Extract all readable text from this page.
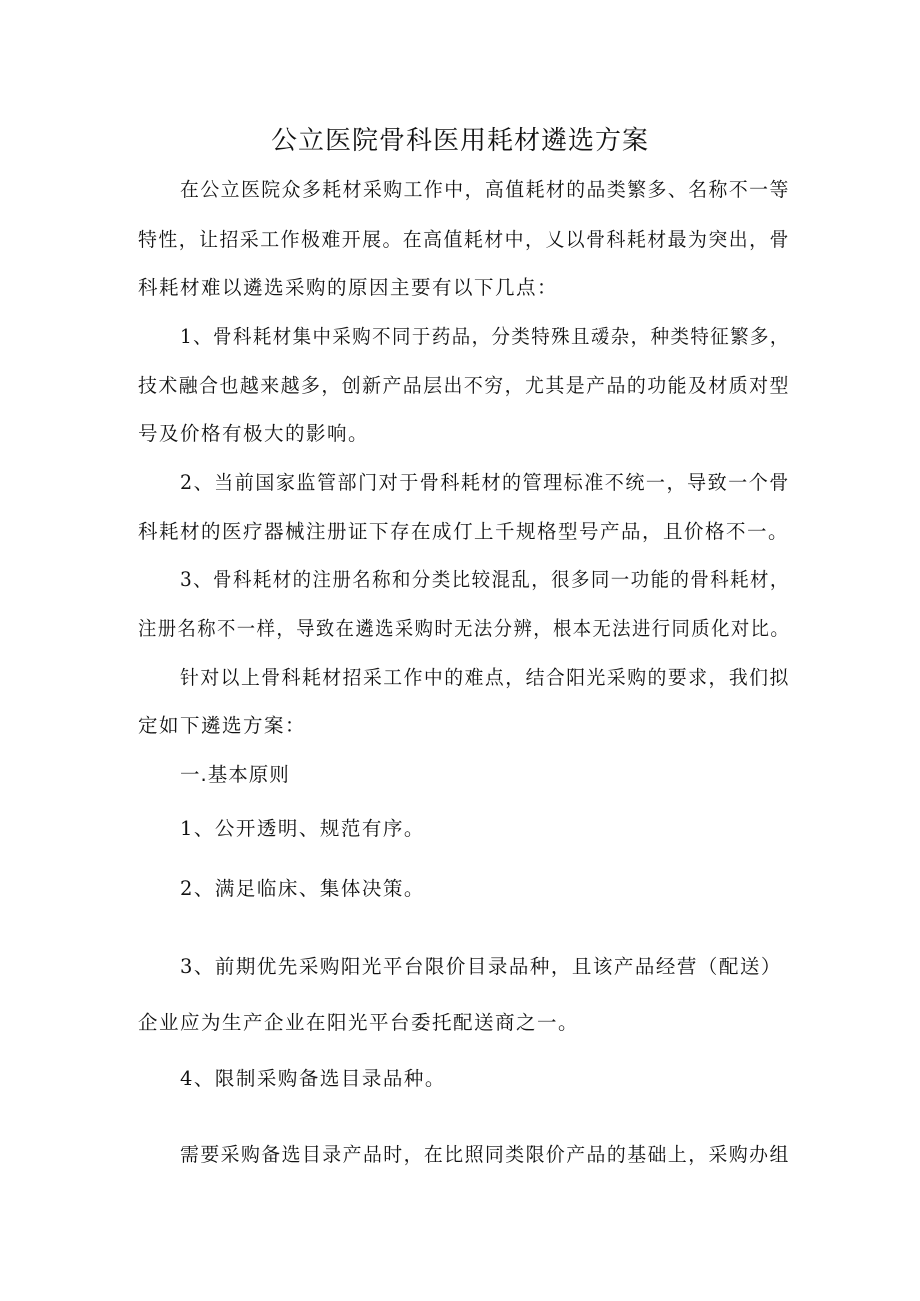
公立医院骨科医用耗材遴选方案
在公立医院众多耗材采购工作中，高值耗材的品类繁多、名称不一等
特性，让招采工作极难开展。在高值耗材中，乂以骨科耗材最为突出，骨
科耗材难以遴选采购的原因主要有以下几点：
1、骨科耗材集中采购不同于药品，分类特殊且叆杂，种类特征繁多，
技术融合也越来越多，创新产品层出不穷，尤其是产品的功能及材质对型
号及价格有极大的影响。
2、当前国家监管部门对于骨科耗材的管理标准不统一，导致一个骨
科耗材的医疗器械注册证下存在成仃上千规格型号产品，且价格不一。
3、骨科耗材的注册名称和分类比较混乱，很多同一功能的骨科耗材，
注册名称不一样，导致在遴选采购时无法分辨，根本无法进行同质化对比。
针对以上骨科耗材招采工作中的难点，结合阳光采购的要求，我们拟
定如下遴选方案：
一.基本原则
1、公开透明、规范有序。
2、满足临床、集体决策。
3、前期优先采购阳光平台限价目录品种，且该产品经营（配送）
企业应为生产企业在阳光平台委托配送商之一。
4、限制采购备选目录品种。
需要采购备选目录产品时，在比照同类限价产品的基础上，采购办组
